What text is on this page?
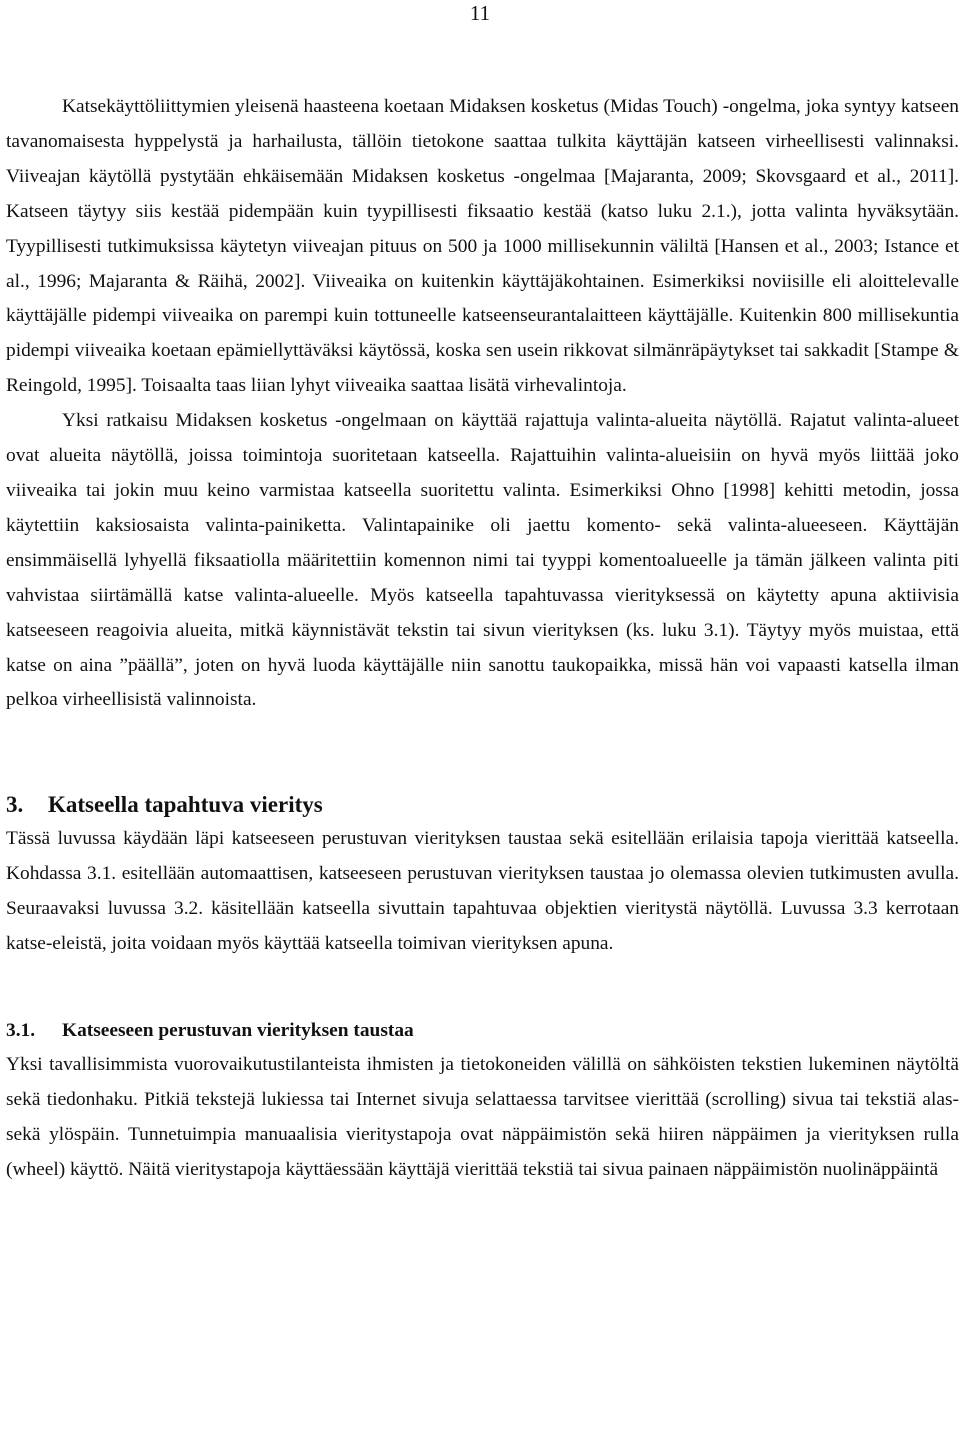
11

Katsekäyttöliittymien yleisenä haasteena koetaan Midaksen kosketus (Midas Touch) -ongelma, joka syntyy katseen tavanomaisesta hyppelystä ja harhailusta, tällöin tietokone saattaa tulkita käyttäjän katseen virheellisesti valinnaksi. Viiveajan käytöllä pystytään ehkäisemään Midaksen kosketus -ongelmaa [Majaranta, 2009; Skovsgaard et al., 2011]. Katseen täytyy siis kestää pidempään kuin tyypillisesti fiksaatio kestää (katso luku 2.1.), jotta valinta hyväksytään. Tyypillisesti tutkimuksissa käytetyn viiveajan pituus on 500 ja 1000 millisekunnin väliltä [Hansen et al., 2003; Istance et al., 1996; Majaranta & Räihä, 2002]. Viiveaika on kuitenkin käyttäjäkohtainen. Esimerkiksi noviisille eli aloittelevalle käyttäjälle pidempi viiveaika on parempi kuin tottuneelle katseenseurantalaitteen käyttäjälle. Kuitenkin 800 millisekuntia pidempi viiveaika koetaan epämiellyttäväksi käytössä, koska sen usein rikkovat silmänräpäytykset tai sakkadit [Stampe & Reingold, 1995]. Toisaalta taas liian lyhyt viiveaika saattaa lisätä virhevalintoja.

Yksi ratkaisu Midaksen kosketus -ongelmaan on käyttää rajattuja valinta-alueita näytöllä. Rajatut valinta-alueet ovat alueita näytöllä, joissa toimintoja suoritetaan katseella. Rajattuihin valinta-alueisiin on hyvä myös liittää joko viiveaika tai jokin muu keino varmistaa katseella suoritettu valinta. Esimerkiksi Ohno [1998] kehitti metodin, jossa käytettiin kaksiosaista valinta-painiketta. Valintapainike oli jaettu komento- sekä valinta-alueeseen. Käyttäjän ensimmäisellä lyhyellä fiksaatiolla määritettiin komennon nimi tai tyyppi komentoalueelle ja tämän jälkeen valinta piti vahvistaa siirtämällä katse valinta-alueelle. Myös katseella tapahtuvassa vierityksessä on käytetty apuna aktiivisia katseeseen reagoivia alueita, mitkä käynnistävät tekstin tai sivun vierityksen (ks. luku 3.1). Täytyy myös muistaa, että katse on aina ”päällä”, joten on hyvä luoda käyttäjälle niin sanottu taukopaikka, missä hän voi vapaasti katsella ilman pelkoa virheellisistä valinnoista.

3.	Katseella tapahtuva vieritys

Tässä luvussa käydään läpi katseeseen perustuvan vierityksen taustaa sekä esitellään erilaisia tapoja vierittää katseella. Kohdassa 3.1. esitellään automaattisen, katseeseen perustuvan vierityksen taustaa jo olemassa olevien tutkimusten avulla. Seuraavaksi luvussa 3.2. käsitellään katseella sivuttain tapahtuvaa objektien vieritystä näytöllä. Luvussa 3.3 kerrotaan katse-eleistä, joita voidaan myös käyttää katseella toimivan vierityksen apuna.

3.1.	Katseeseen perustuvan vierityksen taustaa

Yksi tavallisimmista vuorovaikutustilanteista ihmisten ja tietokoneiden välillä on sähköisten tekstien lukeminen näytöltä sekä tiedonhaku. Pitkiä tekstejä lukiessa tai Internet sivuja selattaessa tarvitsee vierittää (scrolling) sivua tai tekstiä alas- sekä ylöspäin. Tunnetuimpia manuaalisia vieritystapoja ovat näppäimistön sekä hiiren näppäimen ja vierityksen rulla (wheel) käyttö. Näitä vieritystapoja käyttäessään käyttäjä vierittää tekstiä tai sivua painaen näppäimistön nuolinäppäintä
